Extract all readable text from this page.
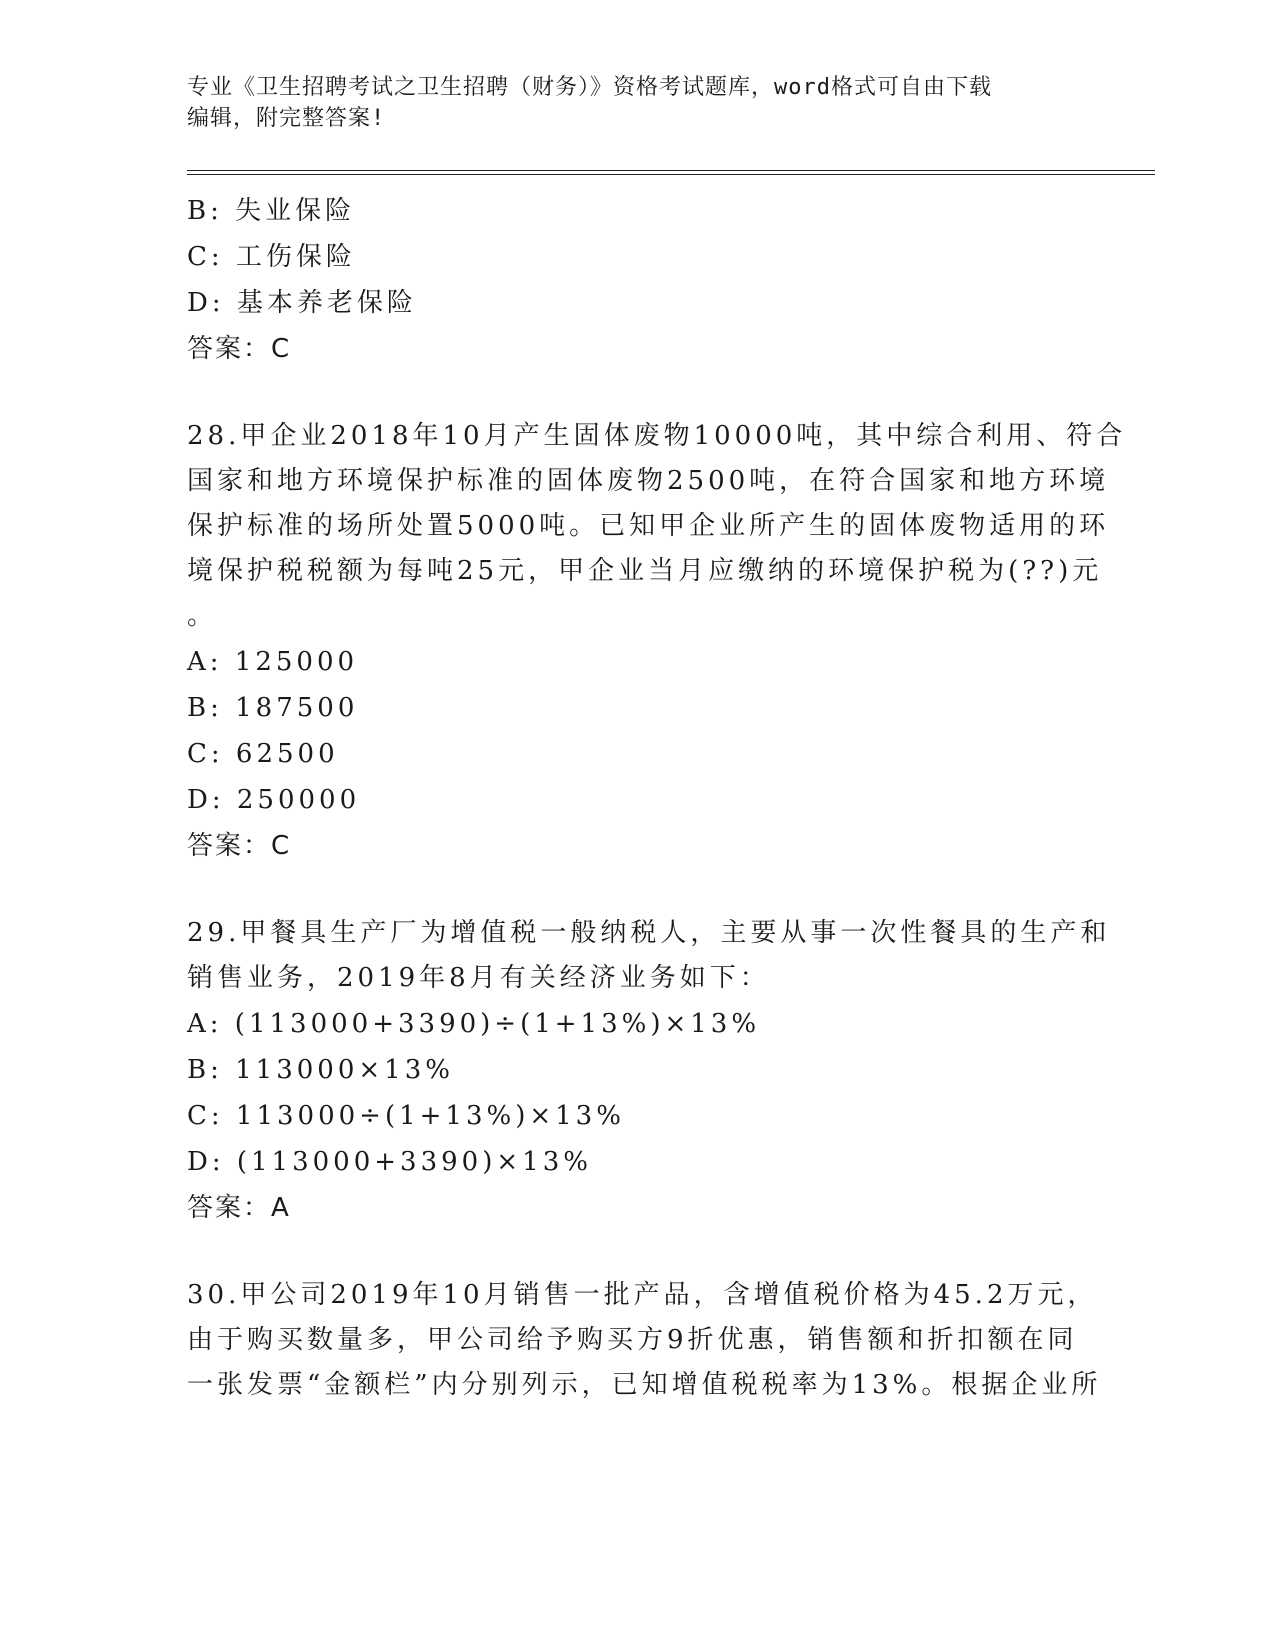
专业《卫生招聘考试之卫生招聘（财务）》资格考试题库，word格式可自由下载
编辑，附完整答案!
B: 失业保险
C: 工伤保险
D: 基本养老保险
答案：C
28.甲企业2018年10月产生固体废物10000吨，其中综合利用、符合
国家和地方环境保护标准的固体废物2500吨，在符合国家和地方环境
保护标准的场所处置5000吨。已知甲企业所产生的固体废物适用的环
境保护税税额为每吨25元，甲企业当月应缴纳的环境保护税为(??)元
。
A: 125000
B: 187500
C: 62500
D: 250000
答案：C
29.甲餐具生产厂为增值税一般纳税人，主要从事一次性餐具的生产和
销售业务，2019年8月有关经济业务如下：
A: (113000+3390)÷(1+13%)×13%
B: 113000×13%
C: 113000÷(1+13%)×13%
D: (113000+3390)×13%
答案：A
30.甲公司2019年10月销售一批产品，含增值税价格为45.2万元，
由于购买数量多，甲公司给予购买方9折优惠，销售额和折扣额在同
一张发票“金额栏”内分别列示，已知增值税税率为13%。根据企业所
